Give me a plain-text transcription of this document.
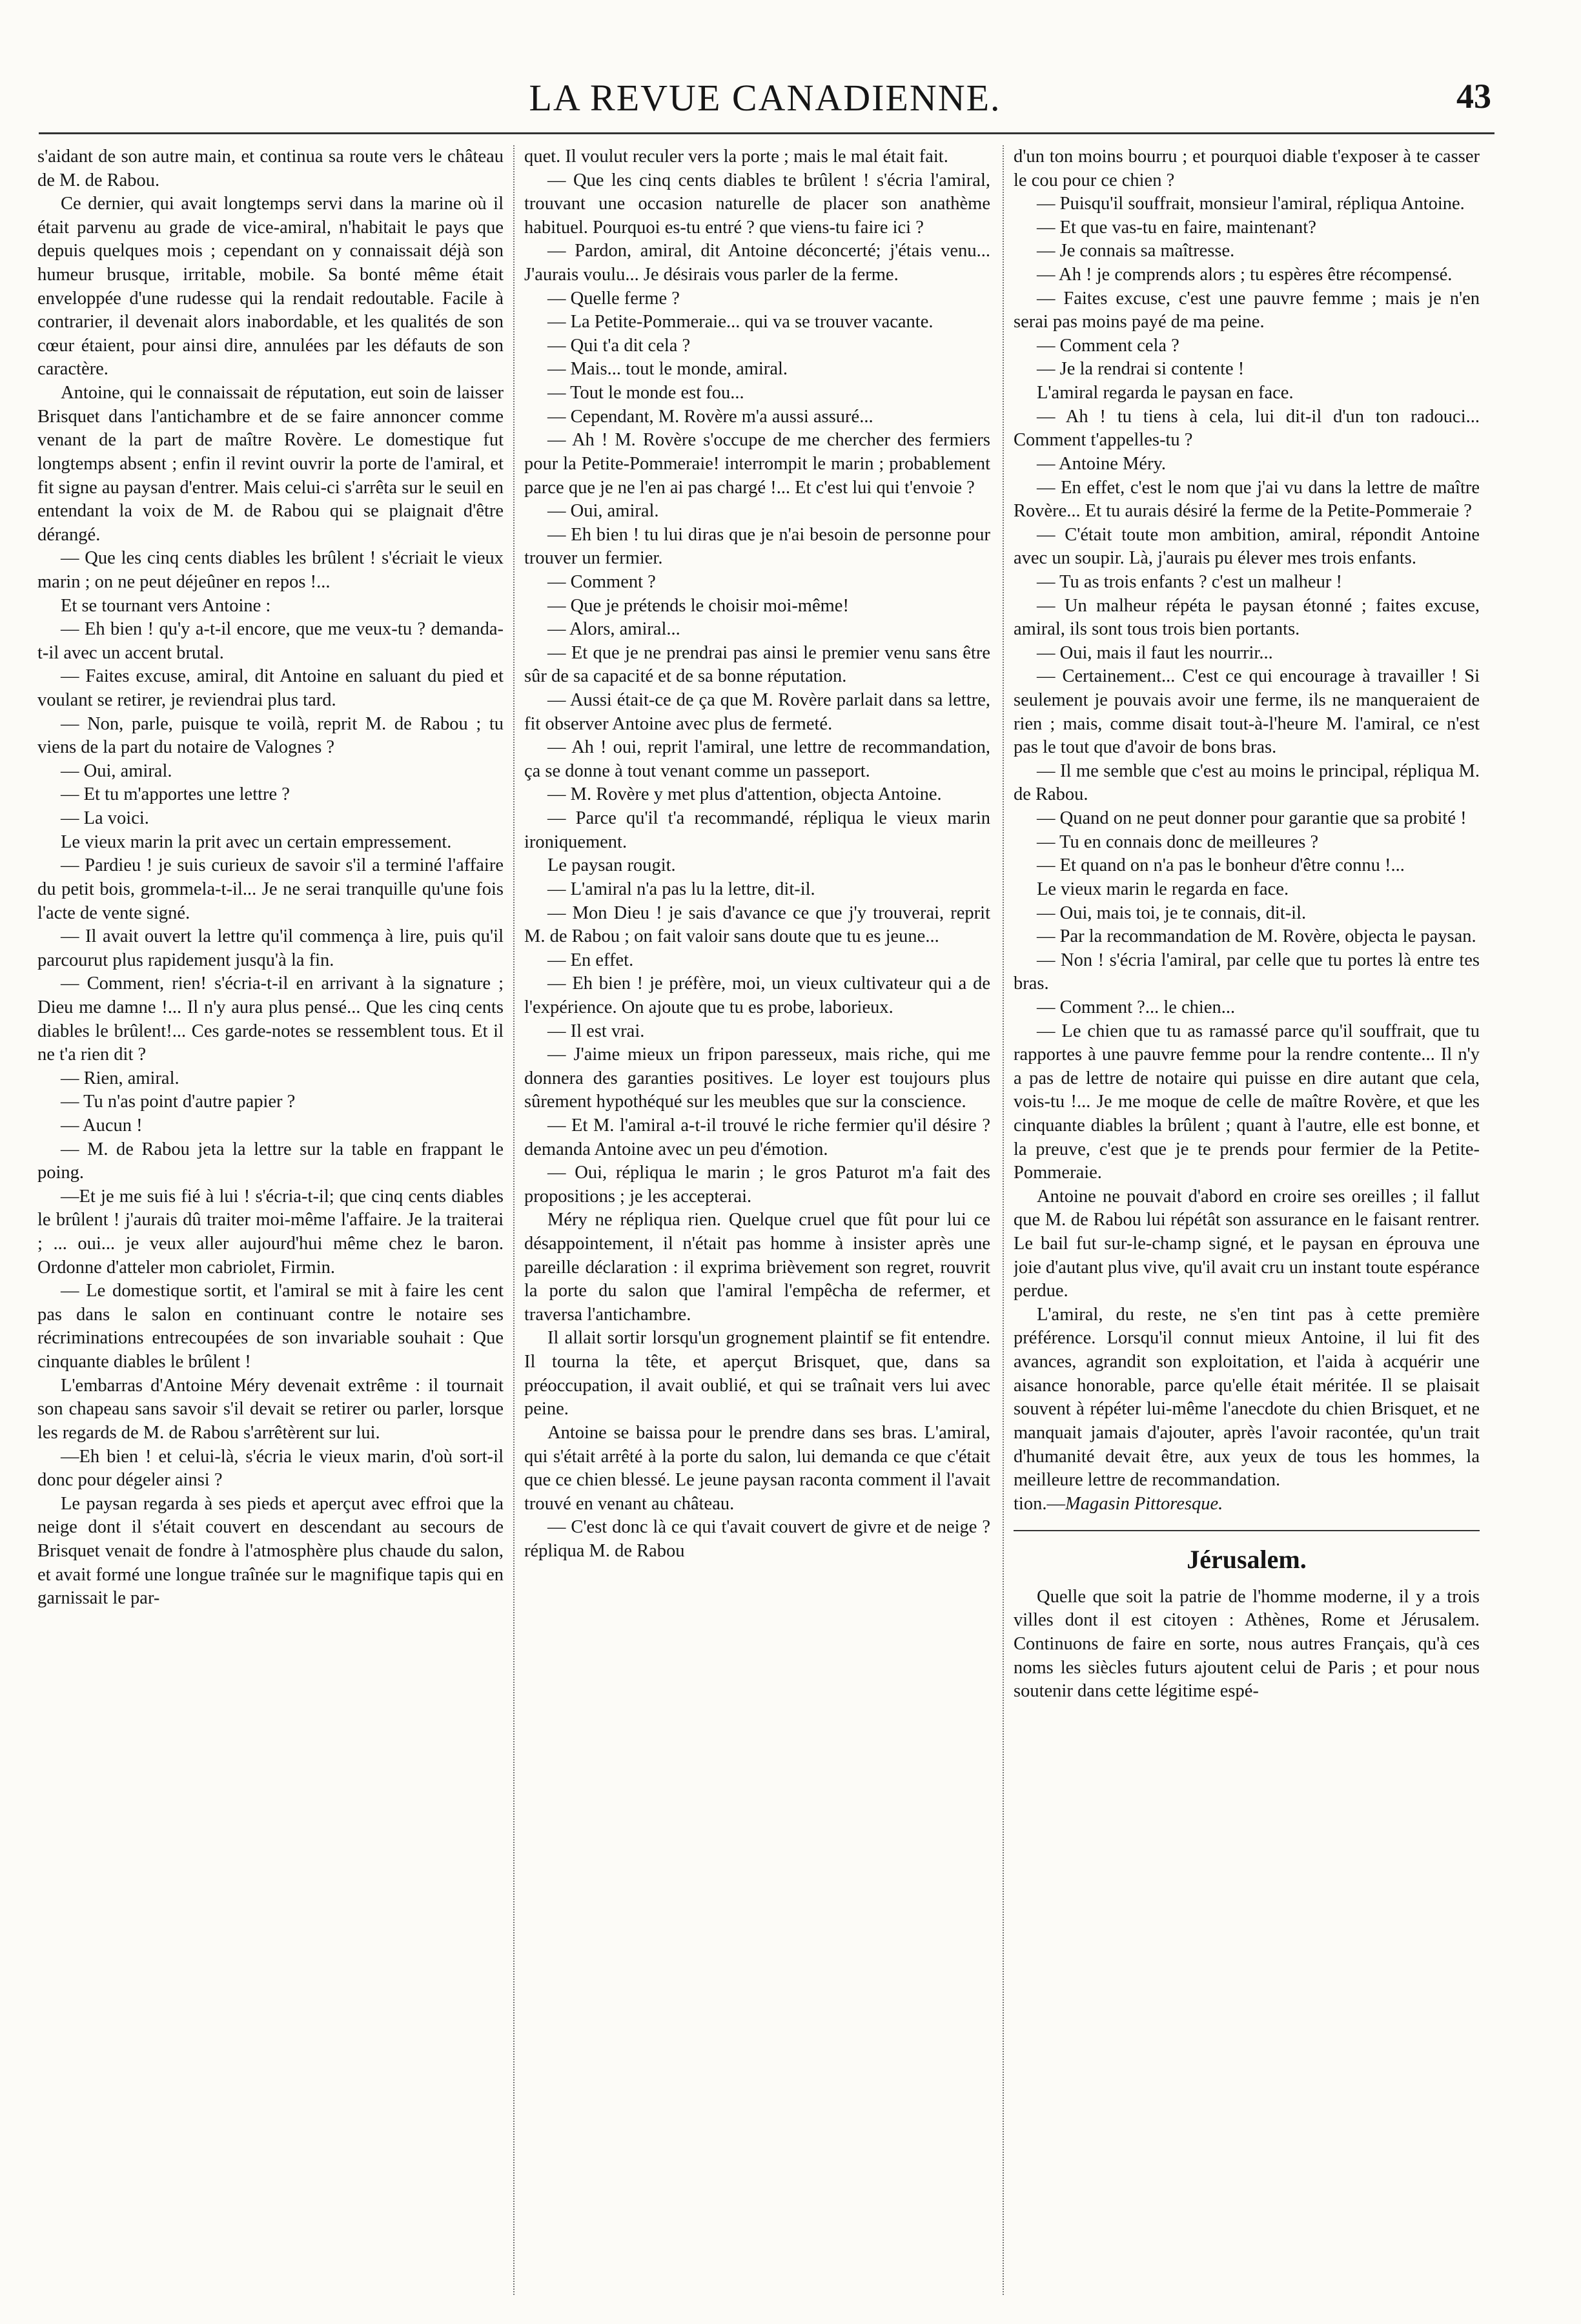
LA REVUE CANADIENNE.	43

s'aidant de son autre main, et continua sa route vers le château de M. de Rabou.

Ce dernier, qui avait longtemps servi dans la marine où il était parvenu au grade de vice-amiral, n'habitait le pays que depuis quelques mois ; cependant on y connaissait déjà son humeur brusque, irritable, mobile. Sa bonté même était enveloppée d'une rudesse qui la rendait redoutable. Facile à contrarier, il devenait alors inabordable, et les qualités de son cœur étaient, pour ainsi dire, annulées par les défauts de son caractère.

Antoine, qui le connaissait de réputation, eut soin de laisser Brisquet dans l'antichambre et de se faire annoncer comme venant de la part de maître Rovère. Le domestique fut longtemps absent ; enfin il revint ouvrir la porte de l'amiral, et fit signe au paysan d'entrer. Mais celui-ci s'arrêta sur le seuil en entendant la voix de M. de Rabou qui se plaignait d'être dérangé.

— Que les cinq cents diables les brûlent ! s'écriait le vieux marin ; on ne peut déjeûner en repos !...

Et se tournant vers Antoine :

— Eh bien ! qu'y a-t-il encore, que me veux-tu ? demanda-t-il avec un accent brutal.

— Faites excuse, amiral, dit Antoine en saluant du pied et voulant se retirer, je reviendrai plus tard.

— Non, parle, puisque te voilà, reprit M. de Rabou ; tu viens de la part du notaire de Valognes ?

— Oui, amiral.

— Et tu m'apportes une lettre ?

— La voici.

Le vieux marin la prit avec un certain empressement.

— Pardieu ! je suis curieux de savoir s'il a terminé l'affaire du petit bois, grommela-t-il... Je ne serai tranquille qu'une fois l'acte de vente signé.

— Il avait ouvert la lettre qu'il commença à lire, puis qu'il parcourut plus rapidement jusqu'à la fin.

— Comment, rien! s'écria-t-il en arrivant à la signature ; Dieu me damne !... Il n'y aura plus pensé... Que les cinq cents diables le brûlent!... Ces garde-notes se ressemblent tous. Et il ne t'a rien dit ?

— Rien, amiral.

— Tu n'as point d'autre papier ?

— Aucun !

— M. de Rabou jeta la lettre sur la table en frappant le poing.

—Et je me suis fié à lui ! s'écria-t-il; que cinq cents diables le brûlent ! j'aurais dû traiter moi-même l'affaire. Je la traiterai ; ... oui... je veux aller aujourd'hui même chez le baron. Ordonne d'atteler mon cabriolet, Firmin.

— Le domestique sortit, et l'amiral se mit à faire les cent pas dans le salon en continuant contre le notaire ses récriminations entrecoupées de son invariable souhait : Que cinquante diables le brûlent !

L'embarras d'Antoine Méry devenait extrême : il tournait son chapeau sans savoir s'il devait se retirer ou parler, lorsque les regards de M. de Rabou s'arrêtèrent sur lui.

—Eh bien ! et celui-là, s'écria le vieux marin, d'où sort-il donc pour dégeler ainsi ?

Le paysan regarda à ses pieds et aperçut avec effroi que la neige dont il s'était couvert en descendant au secours de Brisquet venait de fondre à l'atmosphère plus chaude du salon, et avait formé une longue traînée sur le magnifique tapis qui en garnissait le par-

quet. Il voulut reculer vers la porte ; mais le mal était fait.

— Que les cinq cents diables te brûlent ! s'écria l'amiral, trouvant une occasion naturelle de placer son anathème habituel. Pourquoi es-tu entré ? que viens-tu faire ici ?

— Pardon, amiral, dit Antoine déconcerté; j'étais venu... J'aurais voulu... Je désirais vous parler de la ferme.

— Quelle ferme ?

— La Petite-Pommeraie... qui va se trouver vacante.

— Qui t'a dit cela ?

— Mais... tout le monde, amiral.

— Tout le monde est fou...

— Cependant, M. Rovère m'a aussi assuré...

— Ah ! M. Rovère s'occupe de me chercher des fermiers pour la Petite-Pommeraie! interrompit le marin ; probablement parce que je ne l'en ai pas chargé !... Et c'est lui qui t'envoie ?

— Oui, amiral.

— Eh bien ! tu lui diras que je n'ai besoin de personne pour trouver un fermier.

— Comment ?

— Que je prétends le choisir moi-même!

— Alors, amiral...

— Et que je ne prendrai pas ainsi le premier venu sans être sûr de sa capacité et de sa bonne réputation.

— Aussi était-ce de ça que M. Rovère parlait dans sa lettre, fit observer Antoine avec plus de fermeté.

— Ah ! oui, reprit l'amiral, une lettre de recommandation, ça se donne à tout venant comme un passeport.

— M. Rovère y met plus d'attention, objecta Antoine.

— Parce qu'il t'a recommandé, répliqua le vieux marin ironiquement.

Le paysan rougit.

— L'amiral n'a pas lu la lettre, dit-il.

— Mon Dieu ! je sais d'avance ce que j'y trouverai, reprit M. de Rabou ; on fait valoir sans doute que tu es jeune...

— En effet.

— Eh bien ! je préfère, moi, un vieux cultivateur qui a de l'expérience. On ajoute que tu es probe, laborieux.

— Il est vrai.

— J'aime mieux un fripon paresseux, mais riche, qui me donnera des garanties positives. Le loyer est toujours plus sûrement hypothéqué sur les meubles que sur la conscience.

— Et M. l'amiral a-t-il trouvé le riche fermier qu'il désire ? demanda Antoine avec un peu d'émotion.

— Oui, répliqua le marin ; le gros Paturot m'a fait des propositions ; je les accepterai.

Méry ne répliqua rien. Quelque cruel que fût pour lui ce désappointement, il n'était pas homme à insister après une pareille déclaration : il exprima brièvement son regret, rouvrit la porte du salon que l'amiral l'empêcha de refermer, et traversa l'antichambre.

Il allait sortir lorsqu'un grognement plaintif se fit entendre. Il tourna la tête, et aperçut Brisquet, que, dans sa préoccupation, il avait oublié, et qui se traînait vers lui avec peine.

Antoine se baissa pour le prendre dans ses bras. L'amiral, qui s'était arrêté à la porte du salon, lui demanda ce que c'était que ce chien blessé. Le jeune paysan raconta comment il l'avait trouvé en venant au château.

— C'est donc là ce qui t'avait couvert de givre et de neige ? répliqua M. de Rabou

d'un ton moins bourru ; et pourquoi diable t'exposer à te casser le cou pour ce chien ?

— Puisqu'il souffrait, monsieur l'amiral, répliqua Antoine.

— Et que vas-tu en faire, maintenant?

— Je connais sa maîtresse.

— Ah ! je comprends alors ; tu espères être récompensé.

— Faites excuse, c'est une pauvre femme ; mais je n'en serai pas moins payé de ma peine.

— Comment cela ?

— Je la rendrai si contente !

L'amiral regarda le paysan en face.

— Ah ! tu tiens à cela, lui dit-il d'un ton radouci... Comment t'appelles-tu ?

— Antoine Méry.

— En effet, c'est le nom que j'ai vu dans la lettre de maître Rovère... Et tu aurais désiré la ferme de la Petite-Pommeraie ?

— C'était toute mon ambition, amiral, répondit Antoine avec un soupir. Là, j'aurais pu élever mes trois enfants.

— Tu as trois enfants ? c'est un malheur !

— Un malheur répéta le paysan étonné ; faites excuse, amiral, ils sont tous trois bien portants.

— Oui, mais il faut les nourrir...

— Certainement... C'est ce qui encourage à travailler ! Si seulement je pouvais avoir une ferme, ils ne manqueraient de rien ; mais, comme disait tout-à-l'heure M. l'amiral, ce n'est pas le tout que d'avoir de bons bras.

— Il me semble que c'est au moins le principal, répliqua M. de Rabou.

— Quand on ne peut donner pour garantie que sa probité !

— Tu en connais donc de meilleures ?

— Et quand on n'a pas le bonheur d'être connu !...

Le vieux marin le regarda en face.

— Oui, mais toi, je te connais, dit-il.

— Par la recommandation de M. Rovère, objecta le paysan.

— Non ! s'écria l'amiral, par celle que tu portes là entre tes bras.

— Comment ?... le chien...

— Le chien que tu as ramassé parce qu'il souffrait, que tu rapportes à une pauvre femme pour la rendre contente... Il n'y a pas de lettre de notaire qui puisse en dire autant que cela, vois-tu !... Je me moque de celle de maître Rovère, et que les cinquante diables la brûlent ; quant à l'autre, elle est bonne, et la preuve, c'est que je te prends pour fermier de la Petite-Pommeraie.

Antoine ne pouvait d'abord en croire ses oreilles ; il fallut que M. de Rabou lui répétât son assurance en le faisant rentrer. Le bail fut sur-le-champ signé, et le paysan en éprouva une joie d'autant plus vive, qu'il avait cru un instant toute espérance perdue.

L'amiral, du reste, ne s'en tint pas à cette première préférence. Lorsqu'il connut mieux Antoine, il lui fit des avances, agrandit son exploitation, et l'aida à acquérir une aisance honorable, parce qu'elle était méritée. Il se plaisait souvent à répéter lui-même l'anecdote du chien Brisquet, et ne manquait jamais d'ajouter, après l'avoir racontée, qu'un trait d'humanité devait être, aux yeux de tous les hommes, la meilleure lettre de recommandation.

tion.—Magasin Pittoresque.

Jérusalem.

Quelle que soit la patrie de l'homme moderne, il y a trois villes dont il est citoyen : Athènes, Rome et Jérusalem. Continuons de faire en sorte, nous autres Français, qu'à ces noms les siècles futurs ajoutent celui de Paris ; et pour nous soutenir dans cette légitime espé-
